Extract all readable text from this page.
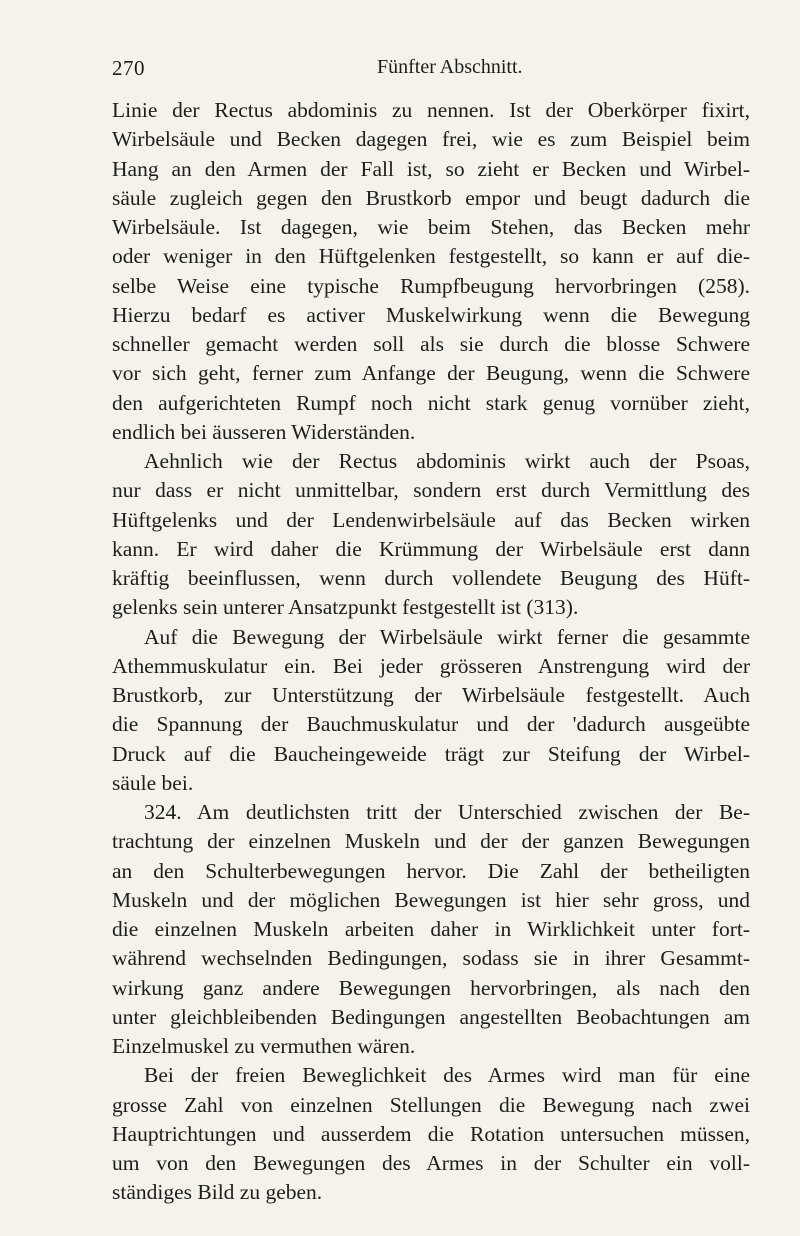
270	Fünfter Abschnitt.
Linie der Rectus abdominis zu nennen. Ist der Oberkörper fixirt,
Wirbelsäule und Becken dagegen frei, wie es zum Beispiel beim
Hang an den Armen der Fall ist, so zieht er Becken und Wirbel-
säule zugleich gegen den Brustkorb empor und beugt dadurch die
Wirbelsäule. Ist dagegen, wie beim Stehen, das Becken mehr
oder weniger in den Hüftgelenken festgestellt, so kann er auf die-
selbe Weise eine typische Rumpfbeugung hervorbringen (258).
Hierzu bedarf es activer Muskelwirkung wenn die Bewegung
schneller gemacht werden soll als sie durch die blosse Schwere
vor sich geht, ferner zum Anfange der Beugung, wenn die Schwere
den aufgerichteten Rumpf noch nicht stark genug vornüber zieht,
endlich bei äusseren Widerständen.
Aehnlich wie der Rectus abdominis wirkt auch der Psoas,
nur dass er nicht unmittelbar, sondern erst durch Vermittlung des
Hüftgelenks und der Lendenwirbelsäule auf das Becken wirken
kann. Er wird daher die Krümmung der Wirbelsäule erst dann
kräftig beeinflussen, wenn durch vollendete Beugung des Hüft-
gelenks sein unterer Ansatzpunkt festgestellt ist (313).
Auf die Bewegung der Wirbelsäule wirkt ferner die gesammte
Athemmuskulatur ein. Bei jeder grösseren Anstrengung wird der
Brustkorb, zur Unterstützung der Wirbelsäule festgestellt. Auch
die Spannung der Bauchmuskulatur und der 'dadurch ausgeübte
Druck auf die Baucheingeweide trägt zur Steifung der Wirbel-
säule bei.
324. Am deutlichsten tritt der Unterschied zwischen der Be-
trachtung der einzelnen Muskeln und der der ganzen Bewegungen
an den Schulterbewegungen hervor. Die Zahl der betheiligten
Muskeln und der möglichen Bewegungen ist hier sehr gross, und
die einzelnen Muskeln arbeiten daher in Wirklichkeit unter fort-
während wechselnden Bedingungen, sodass sie in ihrer Gesammt-
wirkung ganz andere Bewegungen hervorbringen, als nach den
unter gleichbleibenden Bedingungen angestellten Beobachtungen am
Einzelmuskel zu vermuthen wären.
Bei der freien Beweglichkeit des Armes wird man für eine
grosse Zahl von einzelnen Stellungen die Bewegung nach zwei
Hauptrichtungen und ausserdem die Rotation untersuchen müssen,
um von den Bewegungen des Armes in der Schulter ein voll-
ständiges Bild zu geben.
